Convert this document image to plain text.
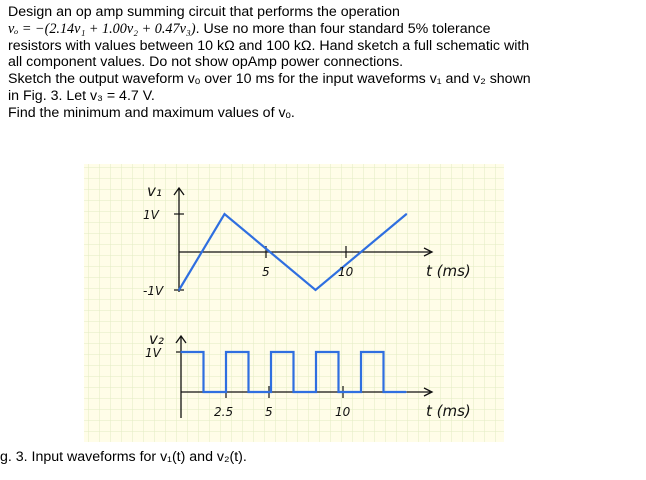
Design an op amp summing circuit that performs the operation

vₒ = −(2.14v₁ + 1.00v₂ + 0.47v₃). Use no more than four standard 5% tolerance

resistors with values between 10 kΩ and 100 kΩ. Hand sketch a full schematic with

all component values. Do not show opAmp power connections.

Sketch the output waveform vₒ over 10 ms for the input waveforms v₁ and v₂ shown

in Fig. 3. Let v₃ = 4.7 V.

Find the minimum and maximum values of vₒ.

v₁
t (ms)
5	10
1V
-1V
v₂
t (ms)
2.5	5	10
1V
g. 3. Input waveforms for v₁(t) and v₂(t).
